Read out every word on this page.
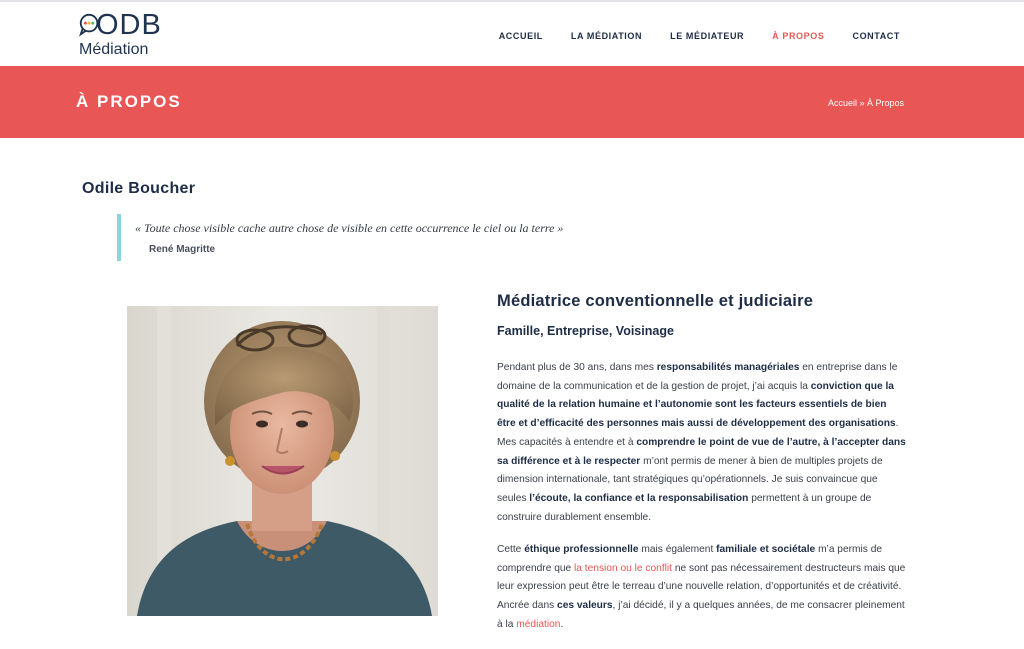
ODB
Médiation
ACCUEIL	LA MÉDIATION	LE MÉDIATEUR	À PROPOS	CONTACT
À PROPOS	Accueil » À Propos
Odile Boucher

« Toute chose visible cache autre chose de visible en cette occurrence le ciel ou la terre »

René Magritte

Médiatrice conventionnelle et judiciaire
Famille, Entreprise, Voisinage

Pendant plus de 30 ans, dans mes responsabilités managériales en entreprise dans le domaine de la communication et de la gestion de projet, j’ai acquis la conviction que la qualité de la relation humaine et l’autonomie sont les facteurs essentiels de bien être et d’efficacité des personnes mais aussi de développement des organisations. Mes capacités à entendre et à comprendre le point de vue de l’autre, à l’accepter dans sa différence et à le respecter m’ont permis de mener à bien de multiples projets de dimension internationale, tant stratégiques qu’opérationnels. Je suis convaincue que seules l’écoute, la confiance et la responsabilisation permettent à un groupe de construire durablement ensemble.

Cette éthique professionnelle mais également familiale et sociétale m’a permis de comprendre que la tension ou le conflit ne sont pas nécessairement destructeurs mais que leur expression peut être le terreau d’une nouvelle relation, d’opportunités et de créativité. Ancrée dans ces valeurs, j’ai décidé, il y a quelques années, de me consacrer pleinement à la médiation.
